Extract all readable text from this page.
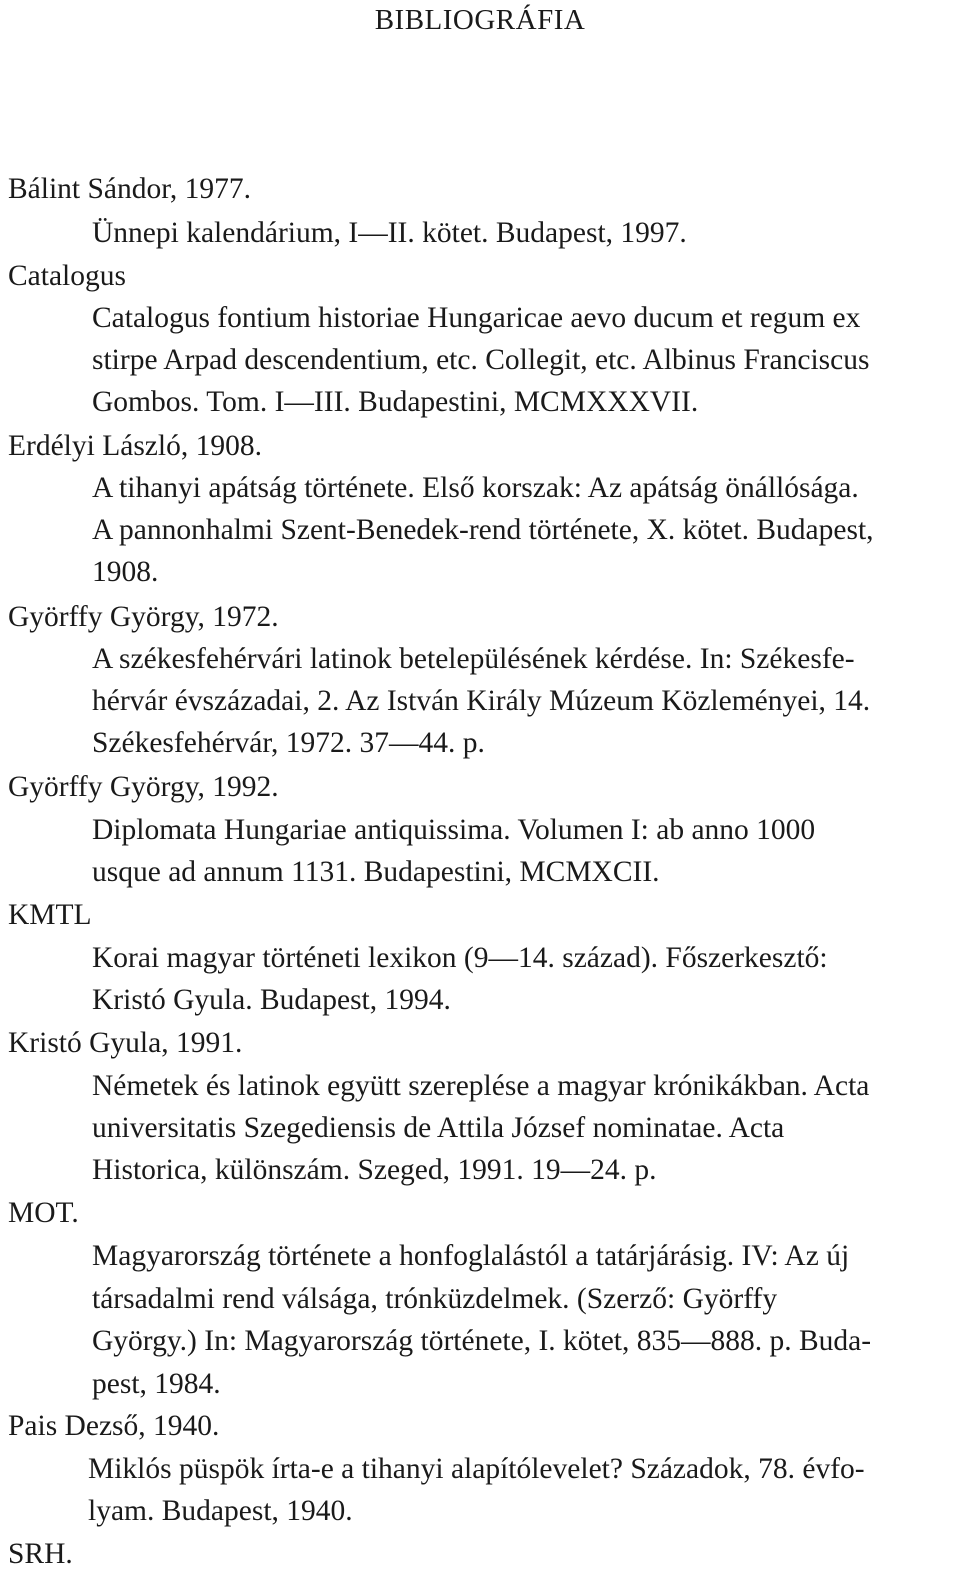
BIBLIOGRÁFIA
Bálint Sándor, 1977.
Ünnepi kalendárium, I—II. kötet. Budapest, 1997.
Catalogus
Catalogus fontium historiae Hungaricae aevo ducum et regum ex
stirpe Arpad descendentium, etc. Collegit, etc. Albinus Franciscus
Gombos. Tom. I—III. Budapestini, MCMXXXVII.
Erdélyi László, 1908.
A tihanyi apátság története. Első korszak: Az apátság önállósága.
A pannonhalmi Szent-Benedek-rend története, X. kötet. Budapest,
1908.
Györffy György, 1972.
A székesfehérvári latinok betelepülésének kérdése. In: Székesfe-
hérvár évszázadai, 2. Az István Király Múzeum Közleményei, 14.
Székesfehérvár, 1972. 37—44. p.
Györffy György, 1992.
Diplomata Hungariae antiquissima. Volumen I: ab anno 1000
usque ad annum 1131. Budapestini, MCMXCII.
KMTL
Korai magyar történeti lexikon (9—14. század). Főszerkesztő:
Kristó Gyula. Budapest, 1994.
Kristó Gyula, 1991.
Németek és latinok együtt szereplése a magyar krónikákban. Acta
universitatis Szegediensis de Attila József nominatae. Acta
Historica, különszám. Szeged, 1991. 19—24. p.
MOT.
Magyarország története a honfoglalástól a tatárjárásig. IV: Az új
társadalmi rend válsága, trónküzdelmek. (Szerző: Györffy
György.) In: Magyarország története, I. kötet, 835—888. p. Buda-
pest, 1984.
Pais Dezső, 1940.
Miklós püspök írta-e a tihanyi alapítólevelet? Századok, 78. évfo-
lyam. Budapest, 1940.
SRH.
